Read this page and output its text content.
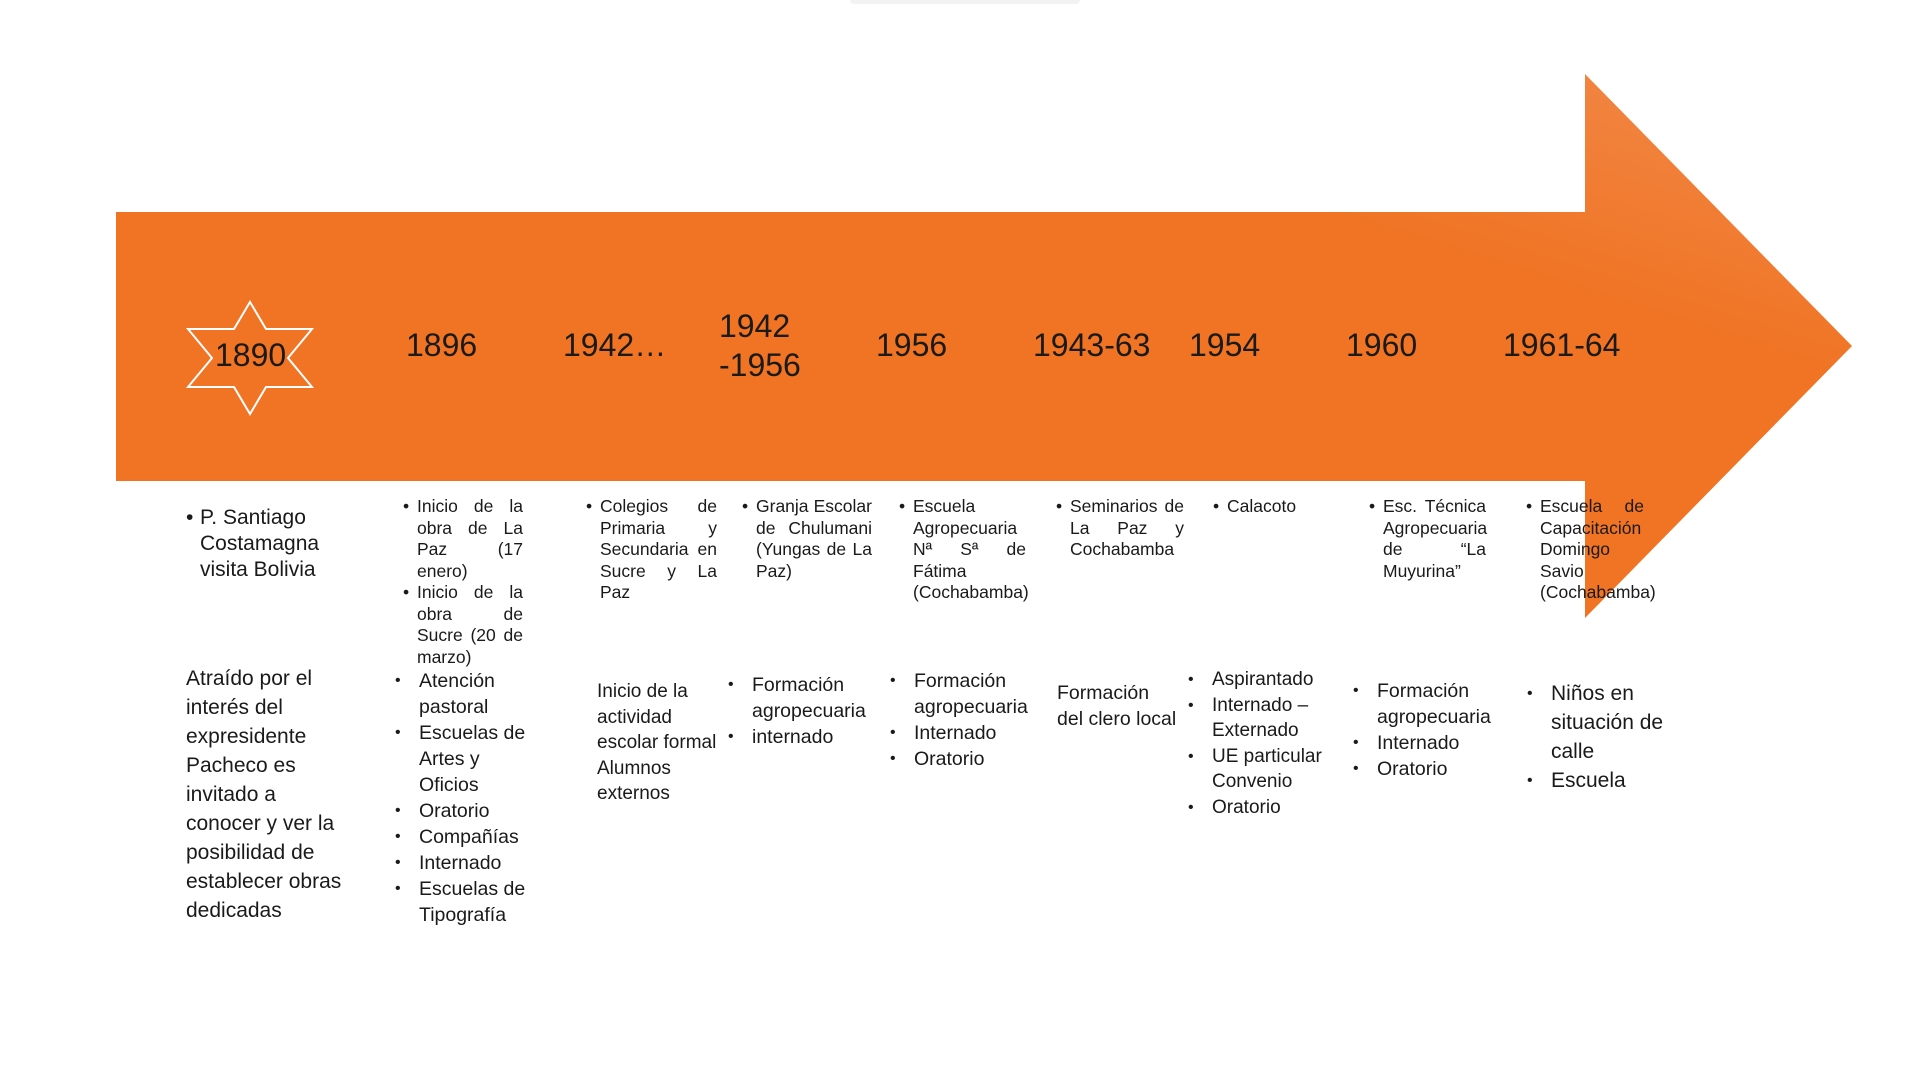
1890	1896	1942…
1942
-1956
1956	1943-63 1954	1960	1961-64
• P. Santiago Costamagna visita Bolivia
• Inicio de la obra de La Paz (17 enero)
• Inicio de la obra de Sucre (20 de marzo)
• Colegios de Primaria y Secundaria en Sucre y La Paz
• Granja Escolar de Chulumani (Yungas de La Paz)
• Escuela Agropecuaria Nª Sª de Fátima (Cochabamba)
• Seminarios de La Paz y Cochabamba
• Calacoto
•	Esc. Técnica Agropecuaria de “La Muyurina”
• Escuela de Capacitación Domingo Savio (Cochabamba)

Atraído por el interés del expresidente Pacheco es invitado a conocer y ver la posibilidad de establecer obras dedicadas

• Atención pastoral
• Escuelas de Artes y Oficios
• Oratorio
• Compañías
• Internado
• Escuelas de Tipografía

Inicio de la actividad escolar formal Alumnos externos

• Formación agropecuaria
• internado
• Formación agropecuaria
• Internado
• Oratorio

Formación del clero local

• Aspirantado
• Internado – Externado
• UE particular Convenio
• Oratorio
• Formación agropecuaria
• Internado
• Oratorio
• Niños en situación de calle
• Escuela
